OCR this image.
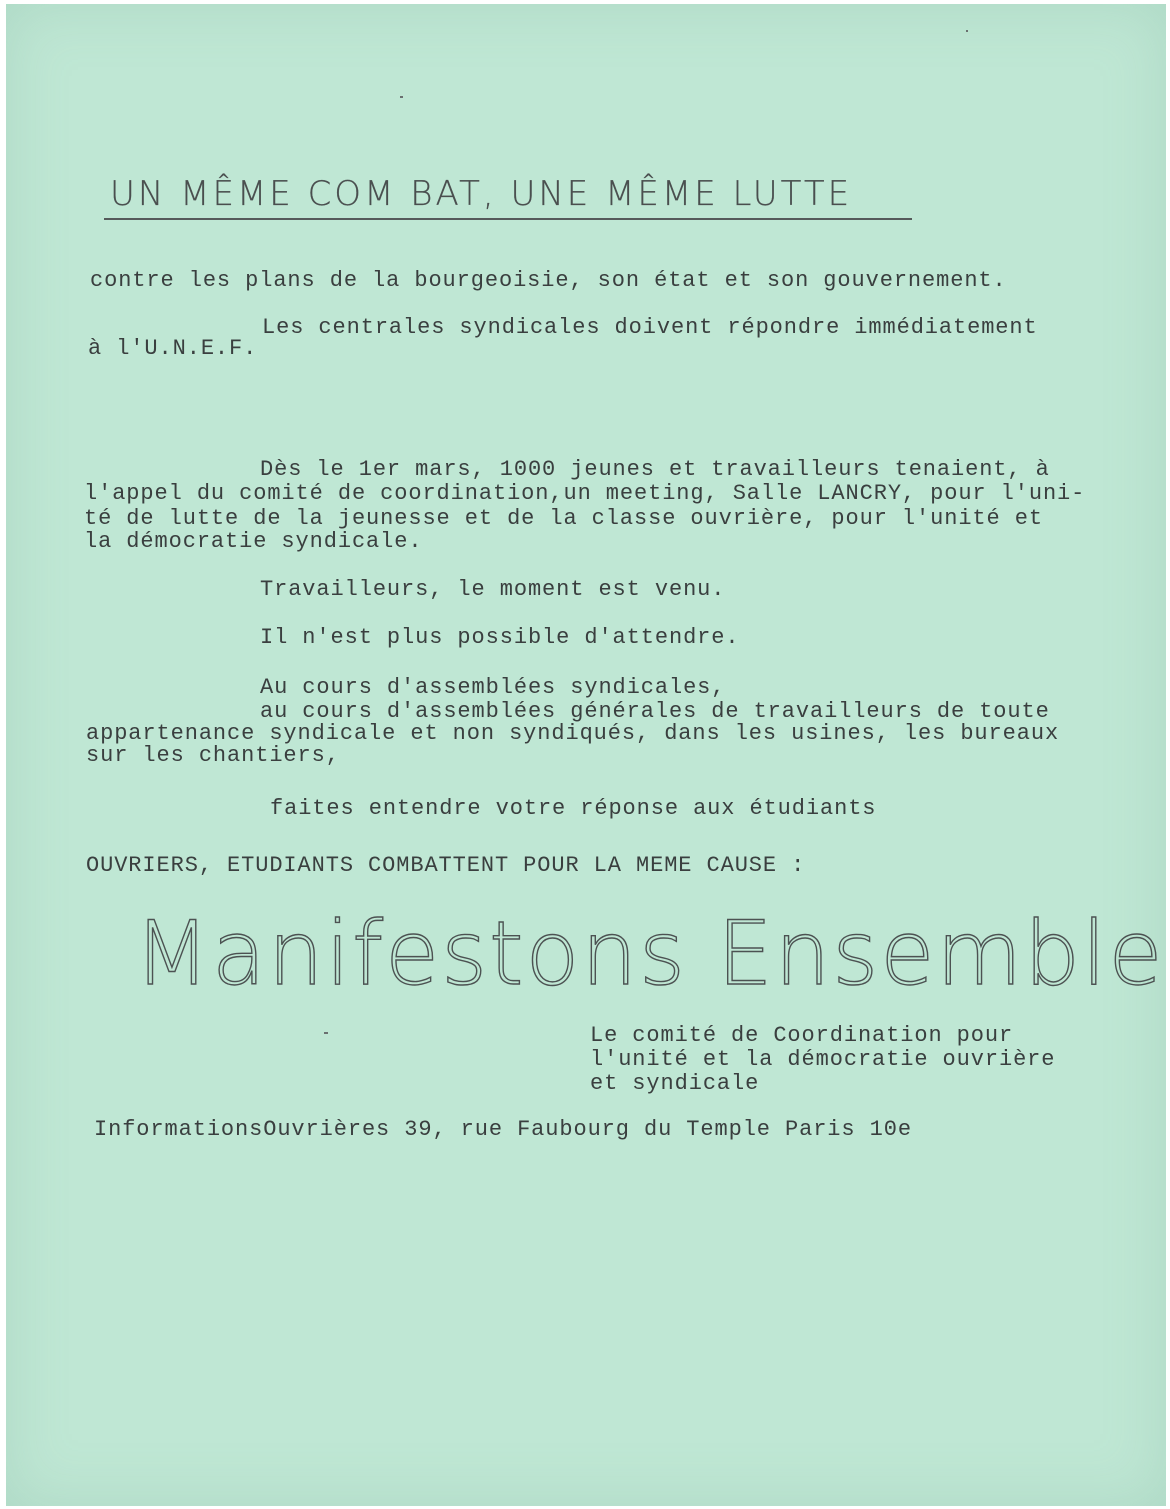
UN MÊME COM BAT, UNE MÊME LUTTE
contre les plans de la bourgeoisie, son état et son gouvernement.
Les centrales syndicales doivent répondre immédiatement
à l'U.N.E.F.
Dès le 1er mars, 1000 jeunes et travailleurs tenaient, à
l'appel du comité de coordination,un meeting, Salle LANCRY, pour l'uni-
té de lutte de la jeunesse et de la classe ouvrière, pour l'unité et
la démocratie syndicale.
Travailleurs, le moment est venu.
Il n'est plus possible d'attendre.
Au cours d'assemblées syndicales,
au cours d'assemblées générales de travailleurs de toute
appartenance syndicale et non syndiqués, dans les usines, les bureaux
sur les chantiers,
faites entendre votre réponse aux étudiants
OUVRIERS, ETUDIANTS COMBATTENT POUR LA MEME CAUSE :
Manifestons Ensemble
Le comité de Coordination pour
l'unité et la démocratie ouvrière
et syndicale
InformationsOuvrières 39, rue Faubourg du Temple Paris 10e
